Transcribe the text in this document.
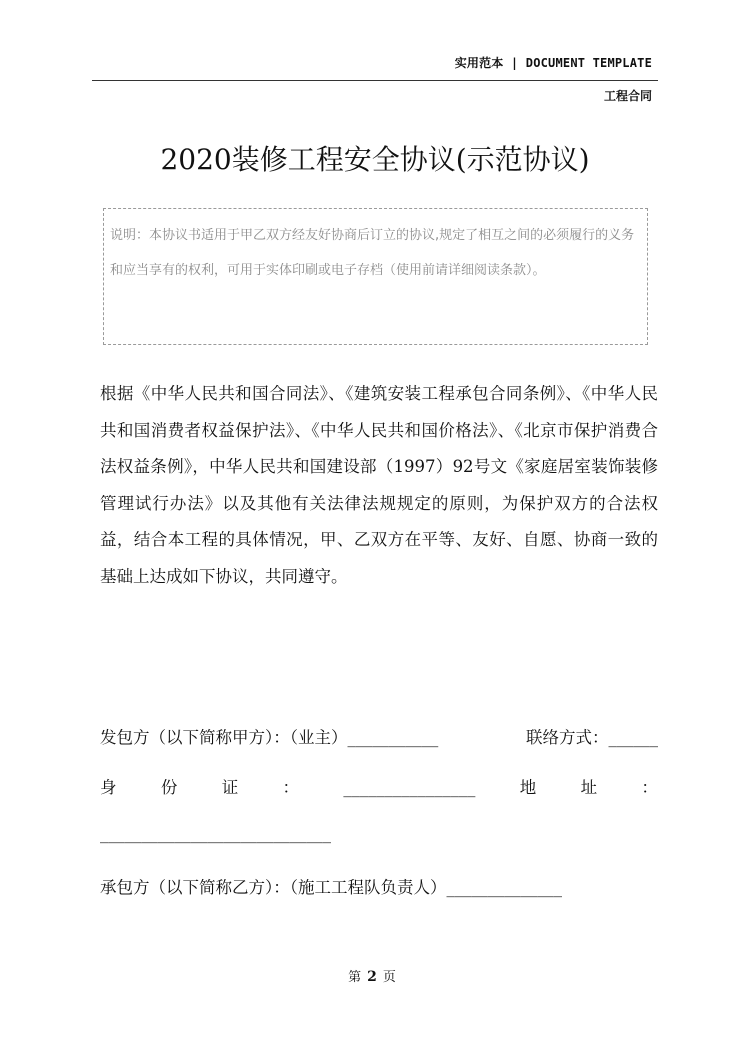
实用范本 | DOCUMENT TEMPLATE
工程合同
2020装修工程安全协议(示范协议)
说明：本协议书适用于甲乙双方经友好协商后订立的协议,规定了相互之间的必须履行的义务和应当享有的权利，可用于实体印刷或电子存档（使用前请详细阅读条款）。

根据《中华人民共和国合同法》、《建筑安装工程承包合同条例》、《中华人民共和国消费者权益保护法》、《中华人民共和国价格法》、《北京市保护消费合法权益条例》，中华人民共和国建设部（1997）92号文《家庭居室装饰装修管理试行办法》以及其他有关法律法规规定的原则，为保护双方的合法权益，结合本工程的具体情况，甲、乙双方在平等、友好、自愿、协商一致的基础上达成如下协议，共同遵守。

发包方（以下简称甲方）：（业主）___________	联络方式：______
身	份	证	：	________________	地	址	：
____________________________
承包方（以下简称乙方）：（施工工程队负责人）______________
第 2 页
